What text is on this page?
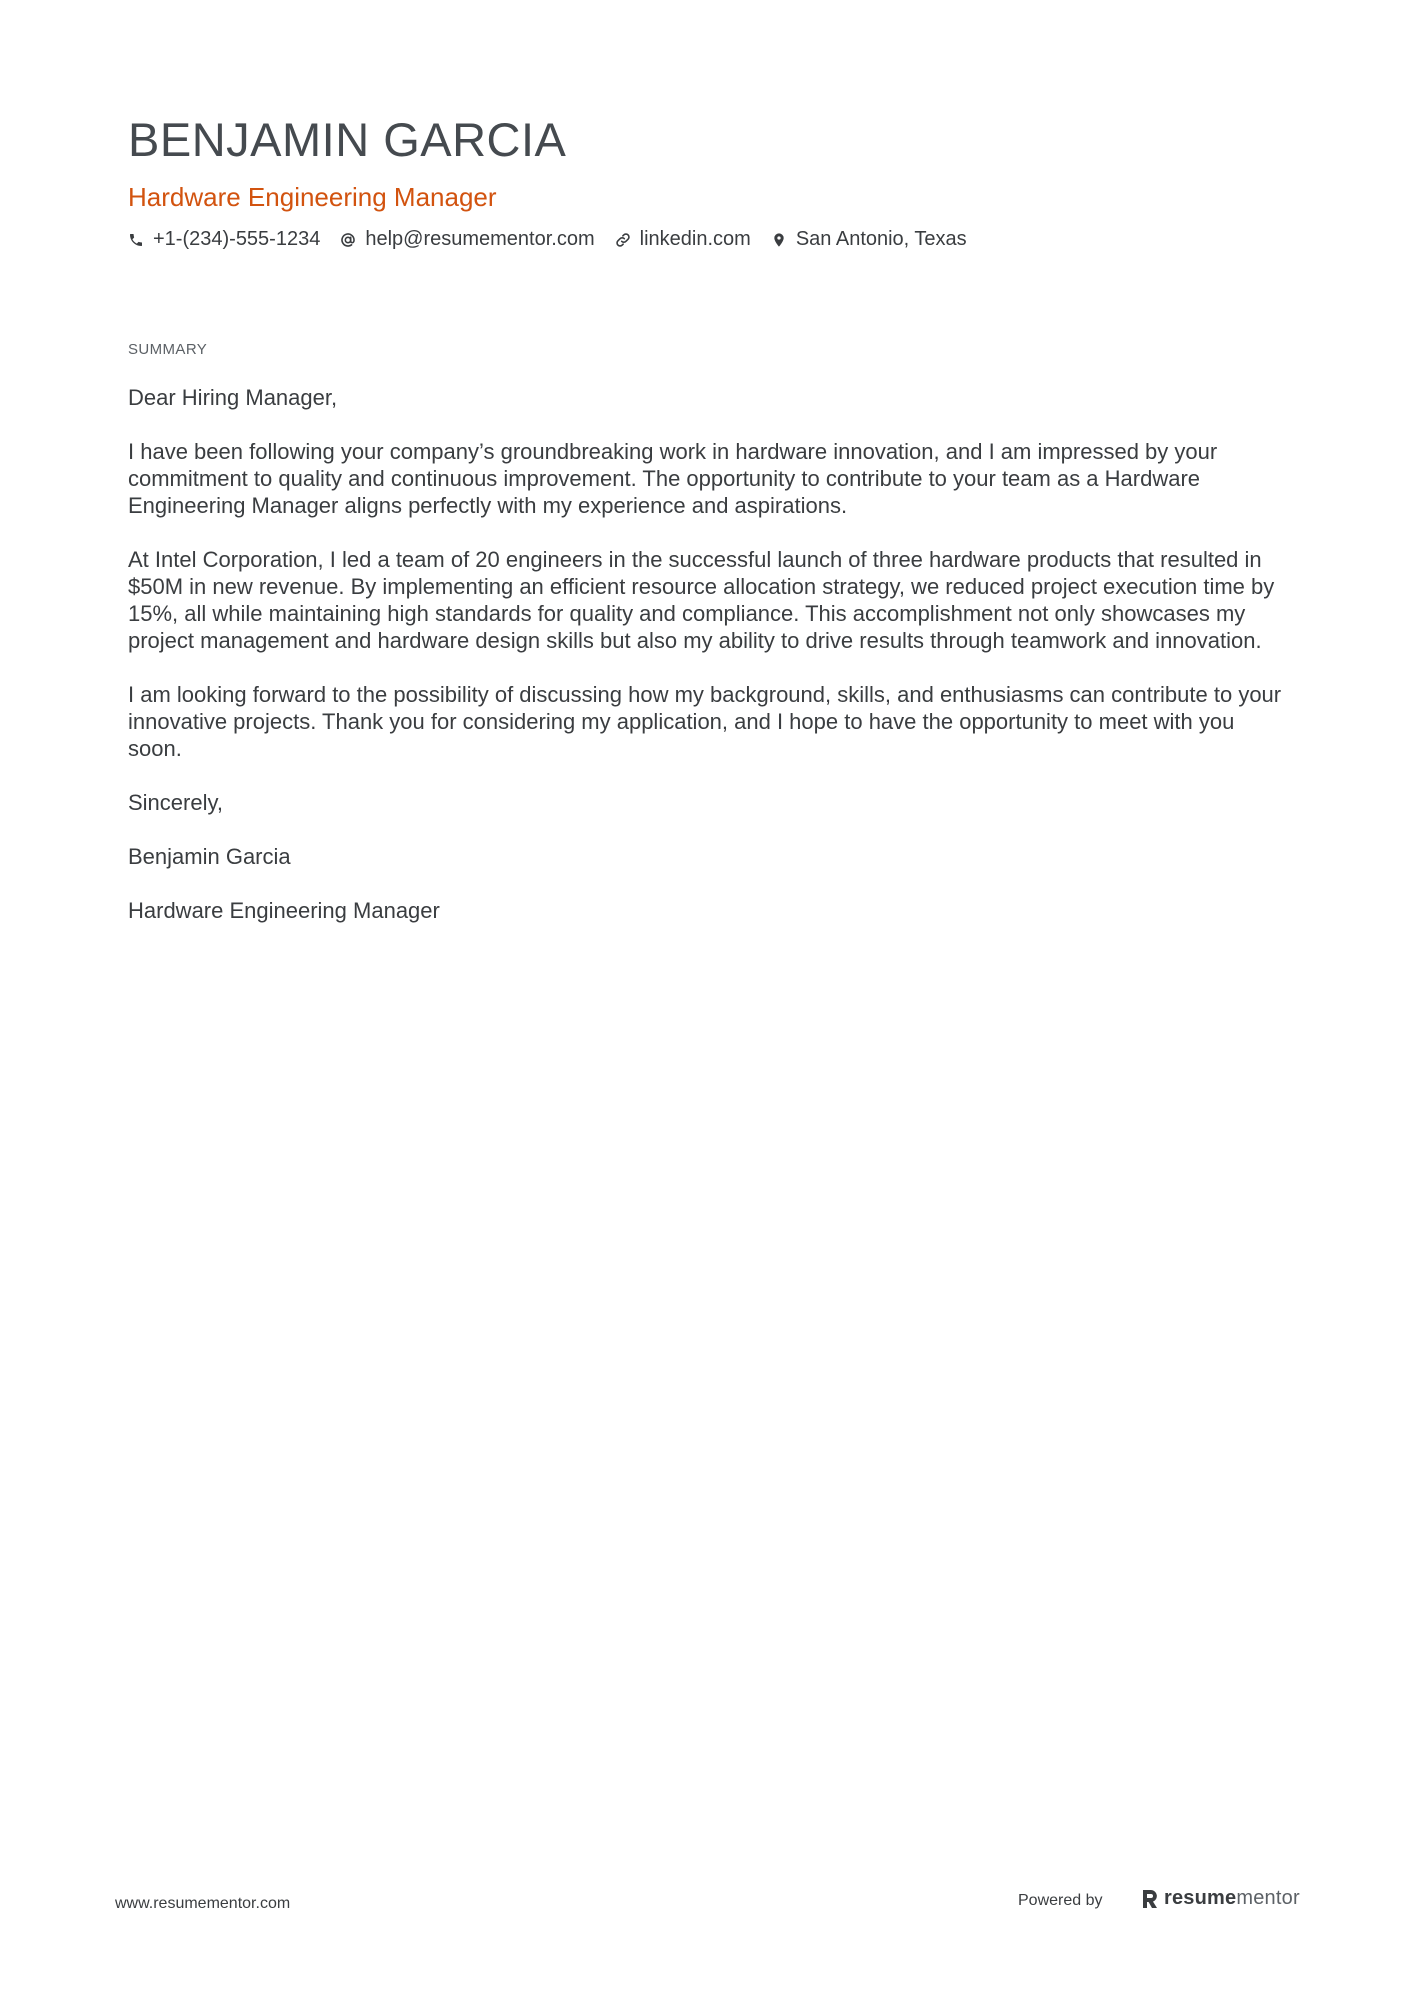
BENJAMIN GARCIA
Hardware Engineering Manager
+1-(234)-555-1234 help@resumementor.com linkedin.com San Antonio, Texas
SUMMARY

Dear Hiring Manager,

I have been following your company’s groundbreaking work in hardware innovation, and I am impressed by your commitment to quality and continuous improvement. The opportunity to contribute to your team as a Hardware Engineering Manager aligns perfectly with my experience and aspirations.

At Intel Corporation, I led a team of 20 engineers in the successful launch of three hardware products that resulted in $50M in new revenue. By implementing an efficient resource allocation strategy, we reduced project execution time by 15%, all while maintaining high standards for quality and compliance. This accomplishment not only showcases my project management and hardware design skills but also my ability to drive results through teamwork and innovation.

I am looking forward to the possibility of discussing how my background, skills, and enthusiasms can contribute to your innovative projects. Thank you for considering my application, and I hope to have the opportunity to meet with you soon.

Sincerely,

Benjamin Garcia

Hardware Engineering Manager

www.resumementor.com	Powered by	resumementor
